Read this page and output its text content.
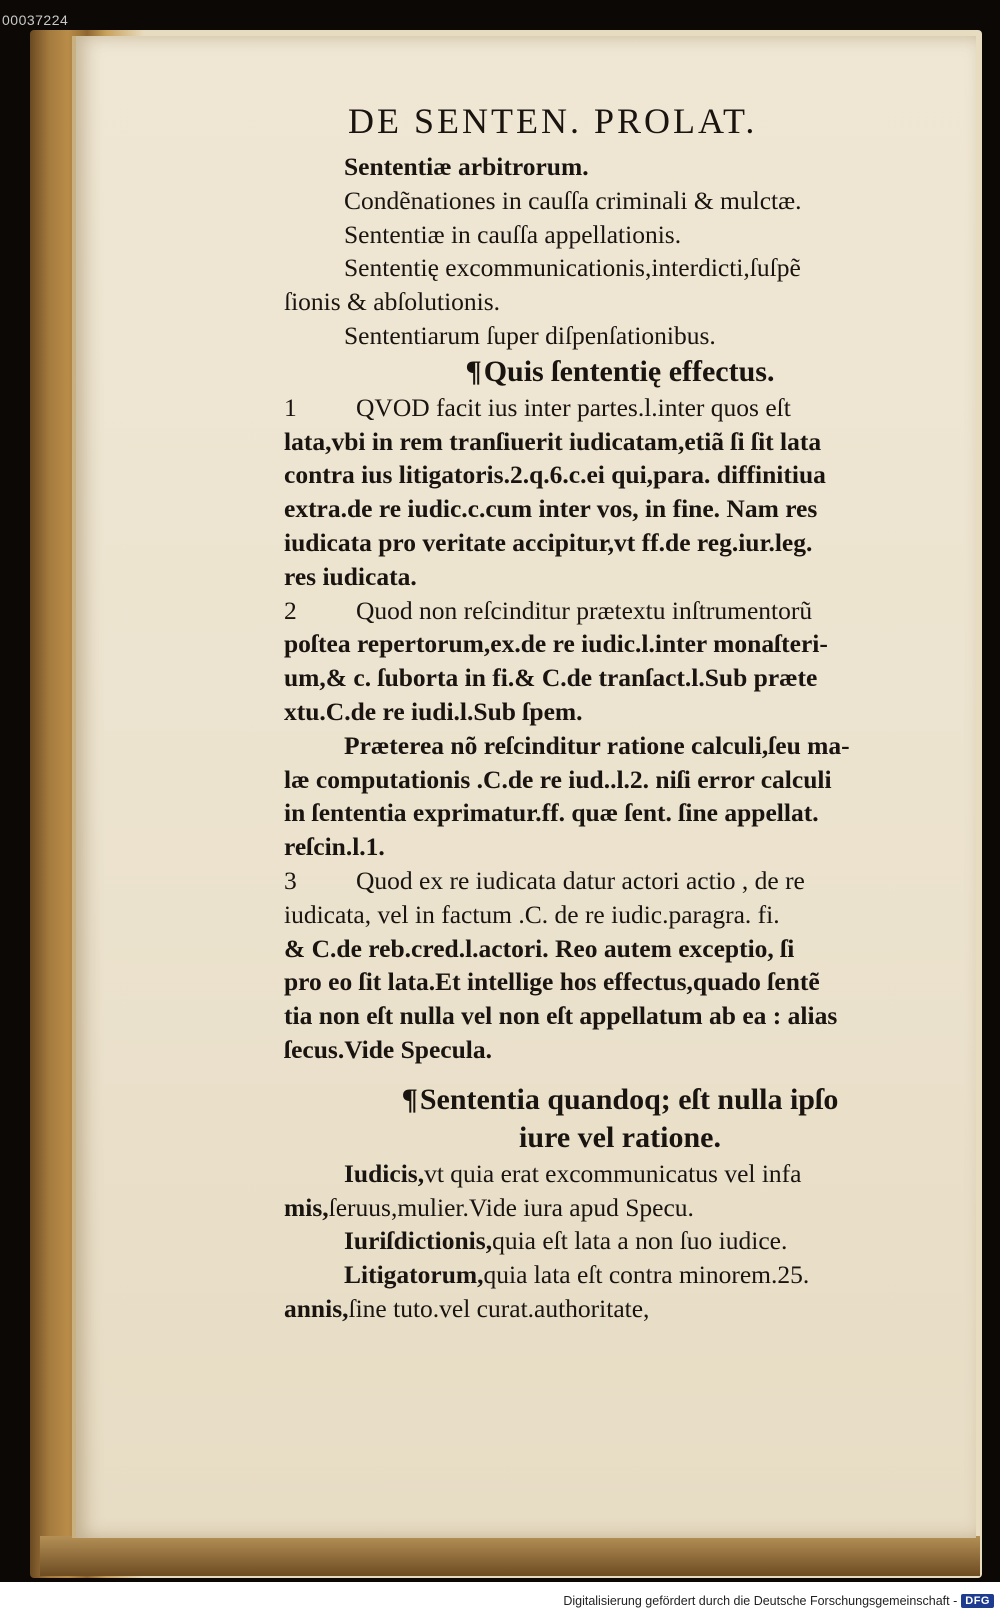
00037224
DE SENTEN. PROLAT.
Sententiæ arbitrorum.
Condẽnationes in cauſſa criminali & mulctæ.
Sententiæ in cauſſa appellationis.
Sententię excommunicationis,interdicti,ſuſpẽ
ſionis & abſolutionis.
Sententiarum ſuper diſpenſationibus.
¶Quis ſententię effectus.
1 QVOD facit ius inter partes.l.inter quos eſt
lata,vbi in rem tranſiuerit iudicatam,etiã ſi ſit lata
contra ius litigatoris.2.q.6.c.ei qui,para. diffinitiua
extra.de re iudic.c.cum inter vos, in fine. Nam res
iudicata pro veritate accipitur,vt ff.de reg.iur.leg.
res iudicata.
2 Quod non reſcinditur prætextu inſtrumentorũ
poſtea repertorum,ex.de re iudic.l.inter monaſteri-
um,& c. ſuborta in fi.& C.de tranſact.l.Sub præte
xtu.C.de re iudi.l.Sub ſpem.
Præterea nõ reſcinditur ratione calculi,ſeu ma-
læ computationis .C.de re iud..l.2. niſi error calculi
in ſententia exprimatur.ff. quæ ſent. ſine appellat.
reſcin.l.1.
3 Quod ex re iudicata datur actori actio , de re
iudicata, vel in factum .C. de re iudic.paragra. fi.
& C.de reb.cred.l.actori. Reo autem exceptio, ſi
pro eo ſit lata.Et intellige hos effectus,quado ſentẽ
tia non eſt nulla vel non eſt appellatum ab ea : alias
ſecus.Vide Specula.
¶Sententia quandoq; eſt nulla ipſo
iure vel ratione.
Iudicis,vt quia erat excommunicatus vel infa
mis,ſeruus,mulier.Vide iura apud Specu.
Iuriſdictionis,quia eſt lata a non ſuo iudice.
Litigatorum,quia lata eſt contra minorem.25.
annis,ſine tuto.vel curat.authoritate,
Digitalisierung gefördert durch die Deutsche Forschungsgemeinschaft - DFG
